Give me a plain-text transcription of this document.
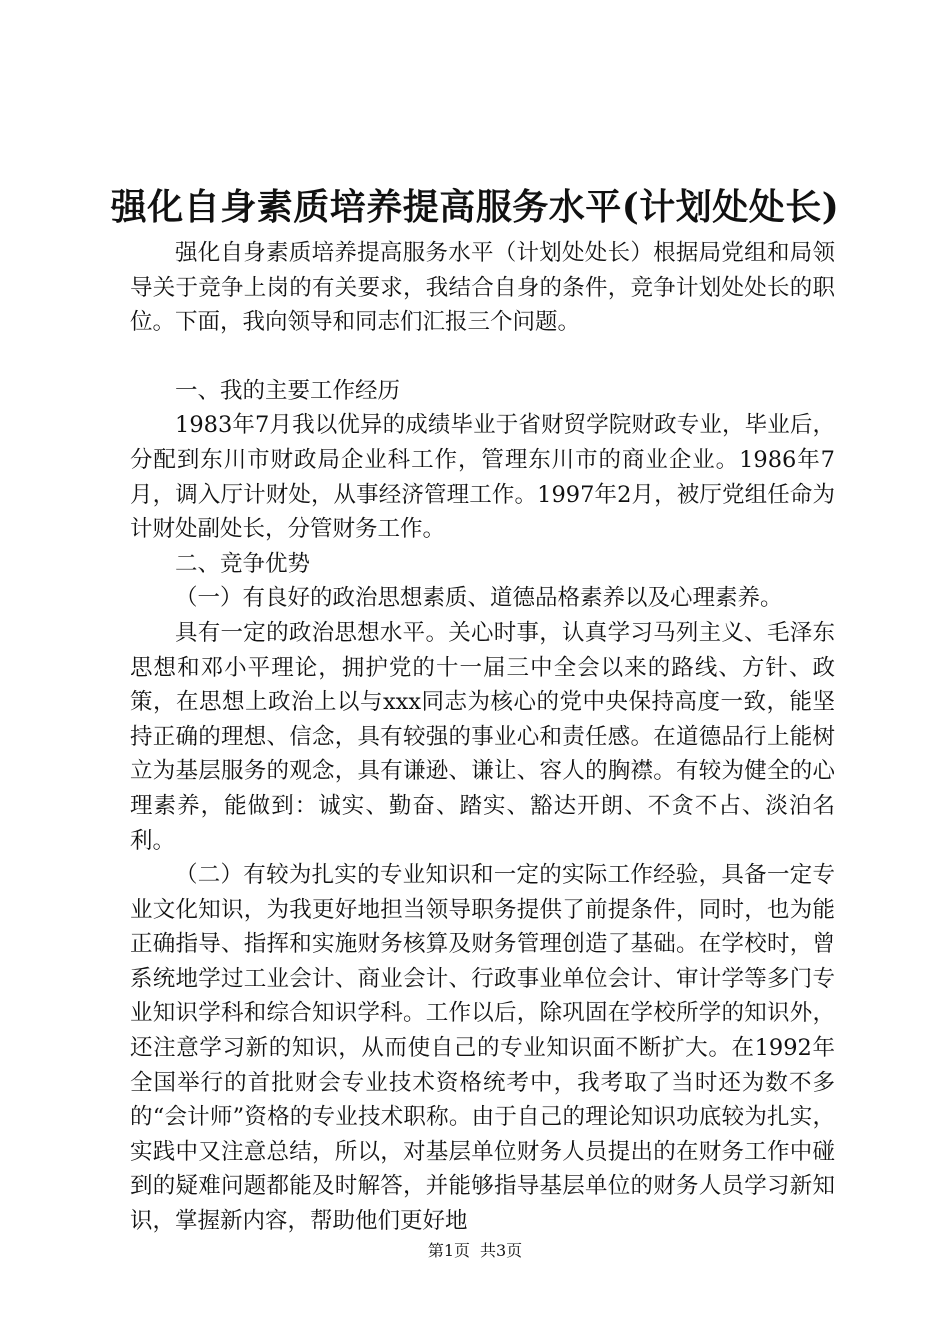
强化自身素质培养提高服务水平(计划处处长)

强化自身素质培养提高服务水平（计划处处长）根据局党组和局领导关于竞争上岗的有关要求，我结合自身的条件，竞争计划处处长的职位。下面，我向领导和同志们汇报三个问题。

一、我的主要工作经历

1983年7月我以优异的成绩毕业于省财贸学院财政专业，毕业后，分配到东川市财政局企业科工作，管理东川市的商业企业。1986年7月，调入厅计财处，从事经济管理工作。1997年2月，被厅党组任命为计财处副处长，分管财务工作。

二、竞争优势

（一）有良好的政治思想素质、道德品格素养以及心理素养。

具有一定的政治思想水平。关心时事，认真学习马列主义、毛泽东思想和邓小平理论，拥护党的十一届三中全会以来的路线、方针、政策，在思想上政治上以与xxx同志为核心的党中央保持高度一致，能坚持正确的理想、信念，具有较强的事业心和责任感。在道德品行上能树立为基层服务的观念，具有谦逊、谦让、容人的胸襟。有较为健全的心理素养，能做到：诚实、勤奋、踏实、豁达开朗、不贪不占、淡泊名利。

（二）有较为扎实的专业知识和一定的实际工作经验，具备一定专业文化知识，为我更好地担当领导职务提供了前提条件，同时，也为能正确指导、指挥和实施财务核算及财务管理创造了基础。在学校时，曾系统地学过工业会计、商业会计、行政事业单位会计、审计学等多门专业知识学科和综合知识学科。工作以后，除巩固在学校所学的知识外，还注意学习新的知识，从而使自己的专业知识面不断扩大。在1992年全国举行的首批财会专业技术资格统考中，我考取了当时还为数不多的“会计师”资格的专业技术职称。由于自己的理论知识功底较为扎实，实践中又注意总结，所以，对基层单位财务人员提出的在财务工作中碰到的疑难问题都能及时解答，并能够指导基层单位的财务人员学习新知识，掌握新内容，帮助他们更好地

第1页 共3页
